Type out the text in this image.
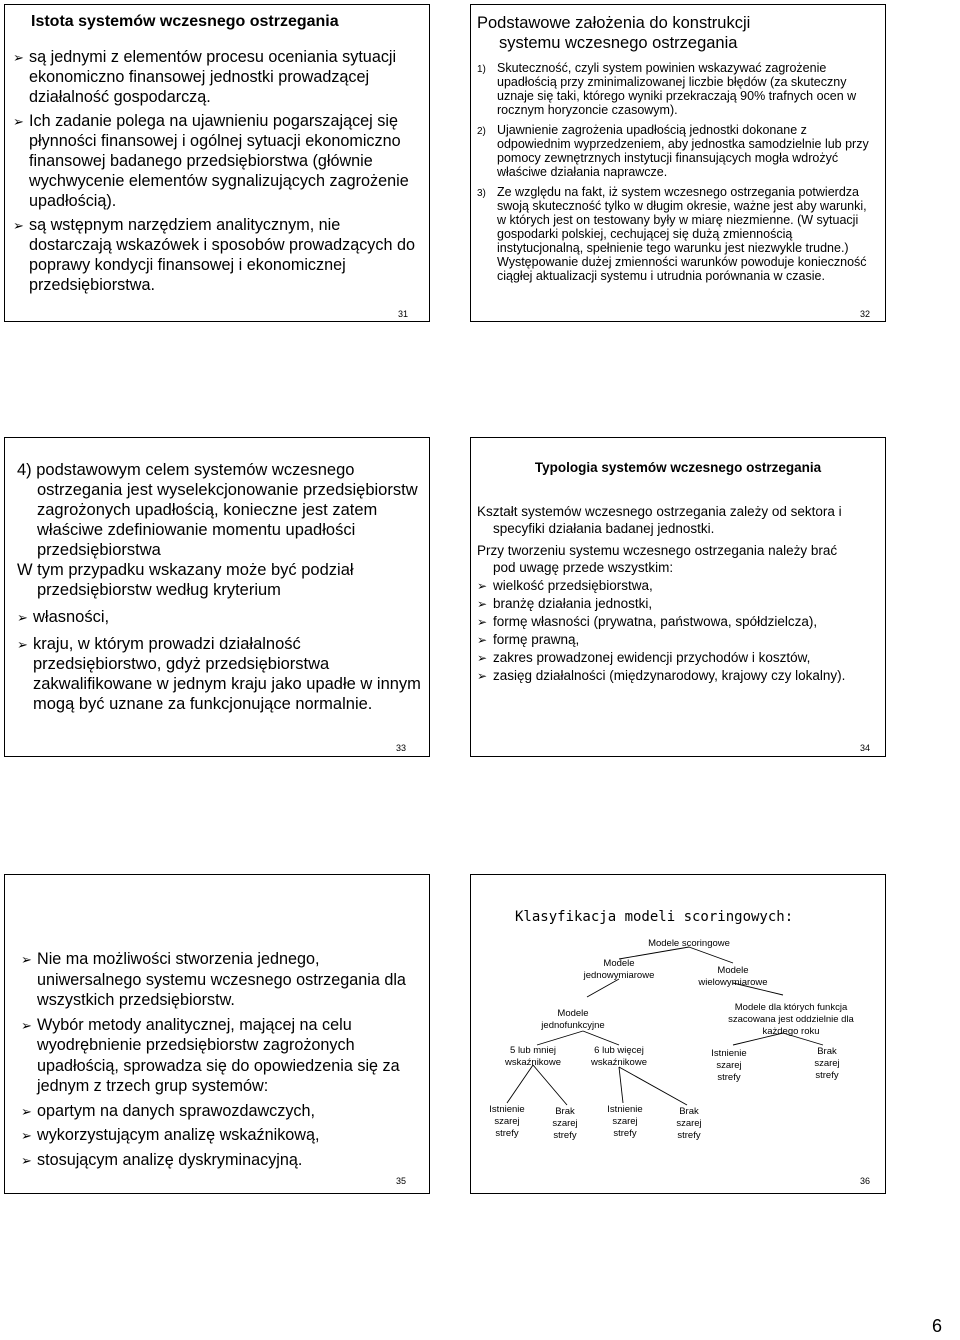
Istota systemów wczesnego ostrzegania
➢ są jednymi z elementów procesu oceniania sytuacji ekonomiczno finansowej jednostki prowadzącej działalność gospodarczą.
➢ Ich zadanie polega na ujawnieniu pogarszającej się płynności finansowej i ogólnej sytuacji ekonomiczno finansowej badanego przedsiębiorstwa (głównie wychwycenie elementów sygnalizujących zagrożenie upadłością).
➢ są wstępnym narzędziem analitycznym, nie dostarczają wskazówek i sposobów prowadzących do poprawy kondycji finansowej i ekonomicznej przedsiębiorstwa.
31
Podstawowe założenia do konstrukcji
systemu wczesnego ostrzegania
1) Skuteczność, czyli system powinien wskazywać zagrożenie upadłością przy zminimalizowanej liczbie błędów (za skuteczny uznaje się taki, którego wyniki przekraczają 90% trafnych ocen w rocznym horyzoncie czasowym).
2) Ujawnienie zagrożenia upadłością jednostki dokonane z odpowiednim wyprzedzeniem, aby jednostka samodzielnie lub przy pomocy zewnętrznych instytucji finansujących mogła wdrożyć właściwe działania naprawcze.
3) Ze względu na fakt, iż system wczesnego ostrzegania potwierdza swoją skuteczność tylko w długim okresie, ważne jest aby warunki, w których jest on testowany były w miarę niezmienne. (W sytuacji gospodarki polskiej, cechującej się dużą zmiennością instytucjonalną, spełnienie tego warunku jest niezwykle trudne.) Występowanie dużej zmienności warunków powoduje konieczność ciągłej aktualizacji systemu i utrudnia porównania w czasie.
32
4) podstawowym celem systemów wczesnego
ostrzegania jest wyselekcjonowanie przedsiębiorstw zagrożonych upadłością, konieczne jest zatem właściwe zdefiniowanie momentu upadłości przedsiębiorstwa
W tym przypadku wskazany może być podział
przedsiębiorstw według kryterium
➢ własności,
➢ kraju, w którym prowadzi działalność przedsiębiorstwo, gdyż przedsiębiorstwa zakwalifikowane w jednym kraju jako upadłe w innym mogą być uznane za funkcjonujące normalnie.
33
Typologia systemów wczesnego ostrzegania
Kształt systemów wczesnego ostrzegania zależy od sektora i
specyfiki działania badanej jednostki.
Przy tworzeniu systemu wczesnego ostrzegania należy brać
pod uwagę przede wszystkim:
➢ wielkość przedsiębiorstwa,
➢ branżę działania jednostki,
➢ formę własności (prywatna, państwowa, spółdzielcza),
➢ formę prawną,
➢ zakres prowadzonej ewidencji przychodów i kosztów,
➢ zasięg działalności (międzynarodowy, krajowy czy lokalny).
34
➢ Nie ma możliwości stworzenia jednego, uniwersalnego systemu wczesnego ostrzegania dla wszystkich przedsiębiorstw.
➢ Wybór metody analitycznej, mającej na celu wyodrębnienie przedsiębiorstw zagrożonych upadłością, sprowadza się do opowiedzenia się za jednym z trzech grup systemów:
➢ opartym na danych sprawozdawczych,
➢ wykorzystującym analizę wskaźnikową,
➢ stosującym analizę dyskryminacyjną.
35
Klasyfikacja modeli scoringowych:
Modele scoringowe
Modele
jednowymiarowe	Modele
wielowymiarowe
Modele
jednofunkcyjne
Modele dla których funkcja
szacowana jest oddzielnie dla
każdego roku
5 lub mniej
wskaźnikowe
6 lub więcej
wskaźnikowe
Istnienie
szarej
strefy
Brak
szarej
strefy
Istnienie
szarej
strefy
Brak
szarej
strefy
Istnienie
szarej
strefy
Brak
szarej
strefy
36
6
